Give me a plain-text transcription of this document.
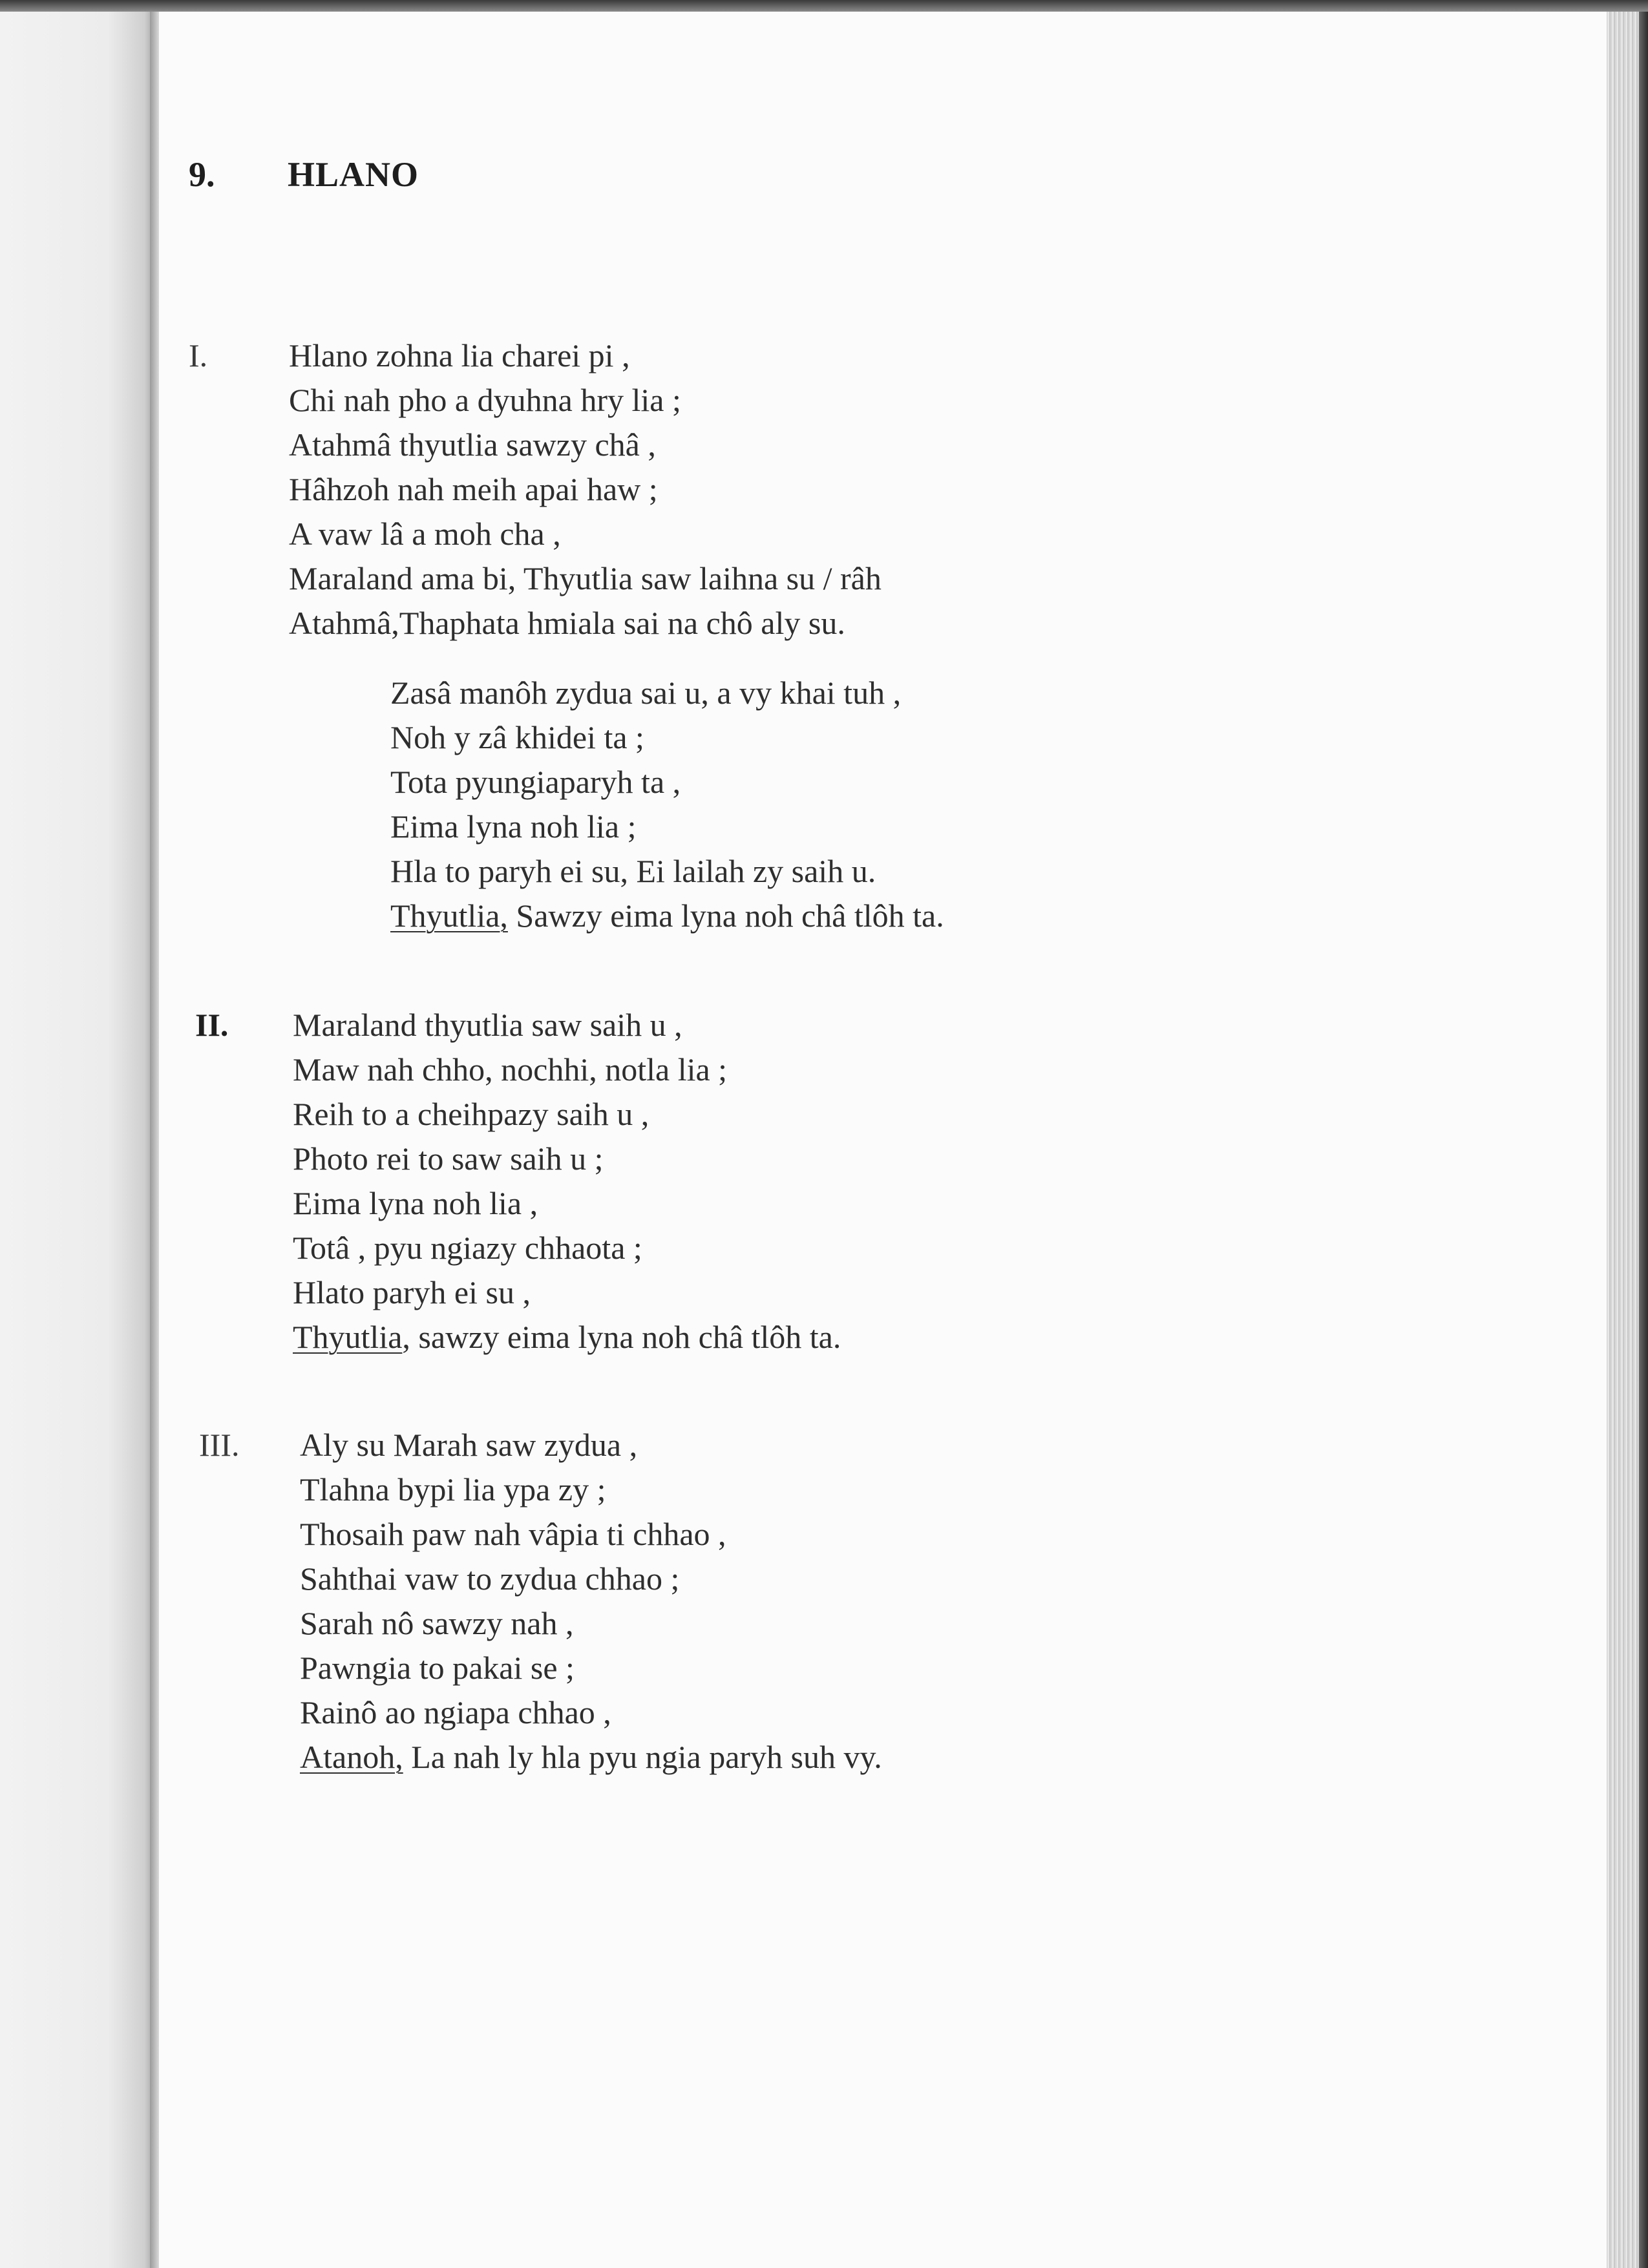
9. HLANO
I.	Hlano zohna lia charei pi ,
Chi nah pho a dyuhna hry lia ;
Atahmâ thyutlia sawzy châ ,
Hâhzoh nah meih apai haw ;
A vaw lâ a moh cha ,
Maraland ama bi, Thyutlia saw laihna su / râh
Atahmâ,Thaphata hmiala sai na chô aly su.
Zasâ manôh zydua sai u, a vy khai tuh ,
Noh y zâ khidei ta ;
Tota pyungiaparyh ta ,
Eima lyna noh lia ;
Hla to paryh ei su, Ei lailah zy saih u.
Thyutlia, Sawzy eima lyna noh châ tlôh ta.
II. Maraland thyutlia saw saih u ,
Maw nah chho, nochhi, notla lia ;
Reih to a cheihpazy saih u ,
Photo rei to saw saih u ;
Eima lyna noh lia ,
Totâ , pyu ngiazy chhaota ;
Hlato paryh ei su ,
Thyutlia, sawzy eima lyna noh châ tlôh ta.
III. Aly su Marah saw zydua ,
Tlahna bypi lia ypa zy ;
Thosaih paw nah vâpia ti chhao ,
Sahthai vaw to zydua chhao ;
Sarah nô sawzy nah ,
Pawngia to pakai se ;
Rainô ao ngiapa chhao ,
Atanoh, La nah ly hla pyu ngia paryh suh vy.
